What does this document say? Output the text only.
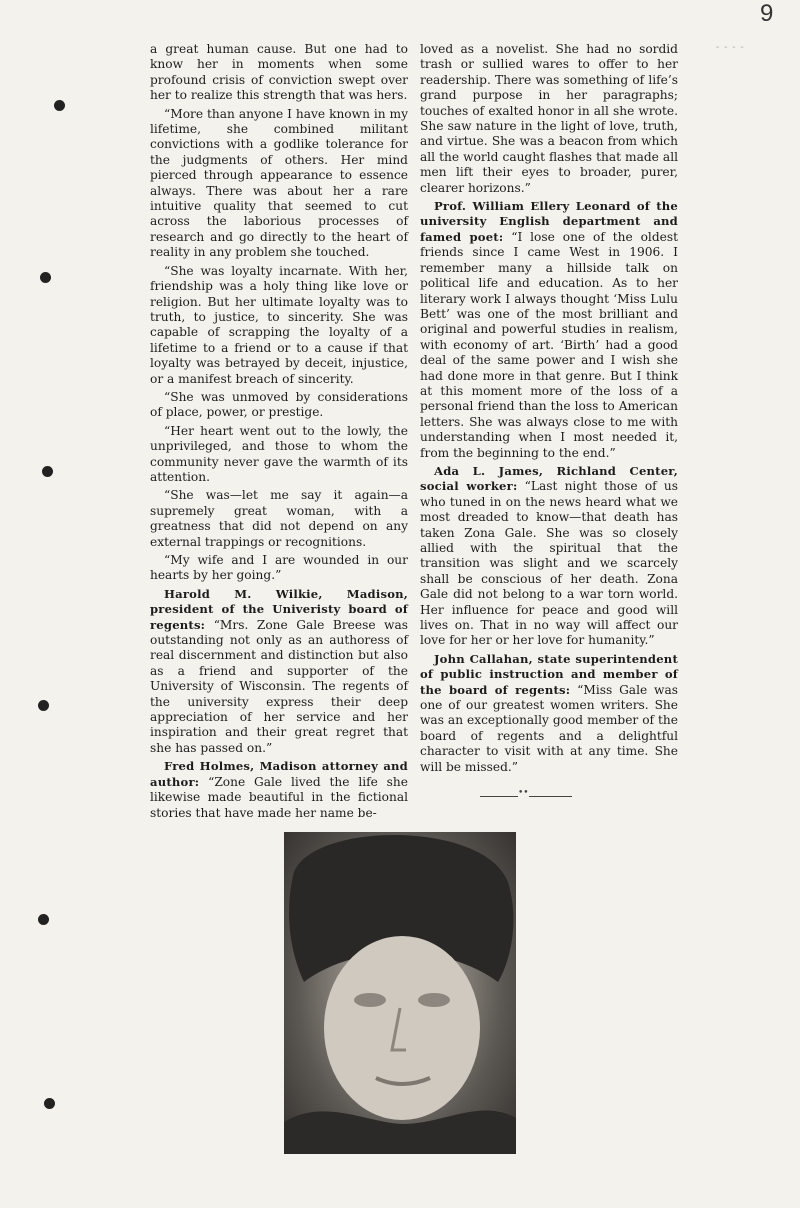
9
‐ ‐ ‐ ‐

a great human cause. But one had to know her in moments when some profound crisis of conviction swept over her to realize this strength that was hers.

“More than anyone I have known in my lifetime, she combined militant convictions with a godlike tolerance for the judgments of others. Her mind pierced through appearance to essence always. There was about her a rare intuitive quality that seemed to cut across the laborious processes of research and go directly to the heart of reality in any problem she touched.

“She was loyalty incarnate. With her, friendship was a holy thing like love or religion. But her ultimate loyalty was to truth, to justice, to sincerity. She was capable of scrapping the loyalty of a lifetime to a friend or to a cause if that loyalty was betrayed by deceit, injustice, or a manifest breach of sincerity.

“She was unmoved by considerations of place, power, or prestige.

“Her heart went out to the lowly, the unprivileged, and those to whom the community never gave the warmth of its attention.

“She was—let me say it again—a supremely great woman, with a greatness that did not depend on any external trappings or recognitions.

“My wife and I are wounded in our hearts by her going.”

Harold M. Wilkie, Madison, president of the Univeristy board of regents: “Mrs. Zone Gale Breese was outstanding not only as an authoress of real discernment and distinction but also as a friend and supporter of the University of Wisconsin. The regents of the university express their deep appreciation of her service and her inspiration and their great regret that she has passed on.”

Fred Holmes, Madison attorney and author: “Zone Gale lived the life she likewise made beautiful in the fictional stories that have made her name be-

loved as a novelist. She had no sordid trash or sullied wares to offer to her readership. There was something of life’s grand purpose in her paragraphs; touches of exalted honor in all she wrote. She saw nature in the light of love, truth, and virtue. She was a beacon from which all the world caught flashes that made all men lift their eyes to broader, purer, clearer horizons.”

Prof. William Ellery Leonard of the university English department and famed poet: “I lose one of the oldest friends since I came West in 1906. I remember many a hillside talk on political life and education. As to her literary work I always thought ‘Miss Lulu Bett’ was one of the most brilliant and original and powerful studies in realism, with economy of art. ‘Birth’ had a good deal of the same power and I wish she had done more in that genre. But I think at this moment more of the loss of a personal friend than the loss to American letters. She was always close to me with understanding when I most needed it, from the beginning to the end.”

Ada L. James, Richland Center, social worker: “Last night those of us who tuned in on the news heard what we most dreaded to know—that death has taken Zona Gale. She was so closely allied with the spiritual that the transition was slight and we scarcely shall be conscious of her death. Zona Gale did not belong to a war torn world. Her influence for peace and good will lives on. That in no way will affect our love for her or her love for humanity.”

John Callahan, state superintendent of public instruction and member of the board of regents: “Miss Gale was one of our greatest women writers. She was an exceptionally good member of the board of regents and a delightful character to visit with at any time. She will be missed.”

••
